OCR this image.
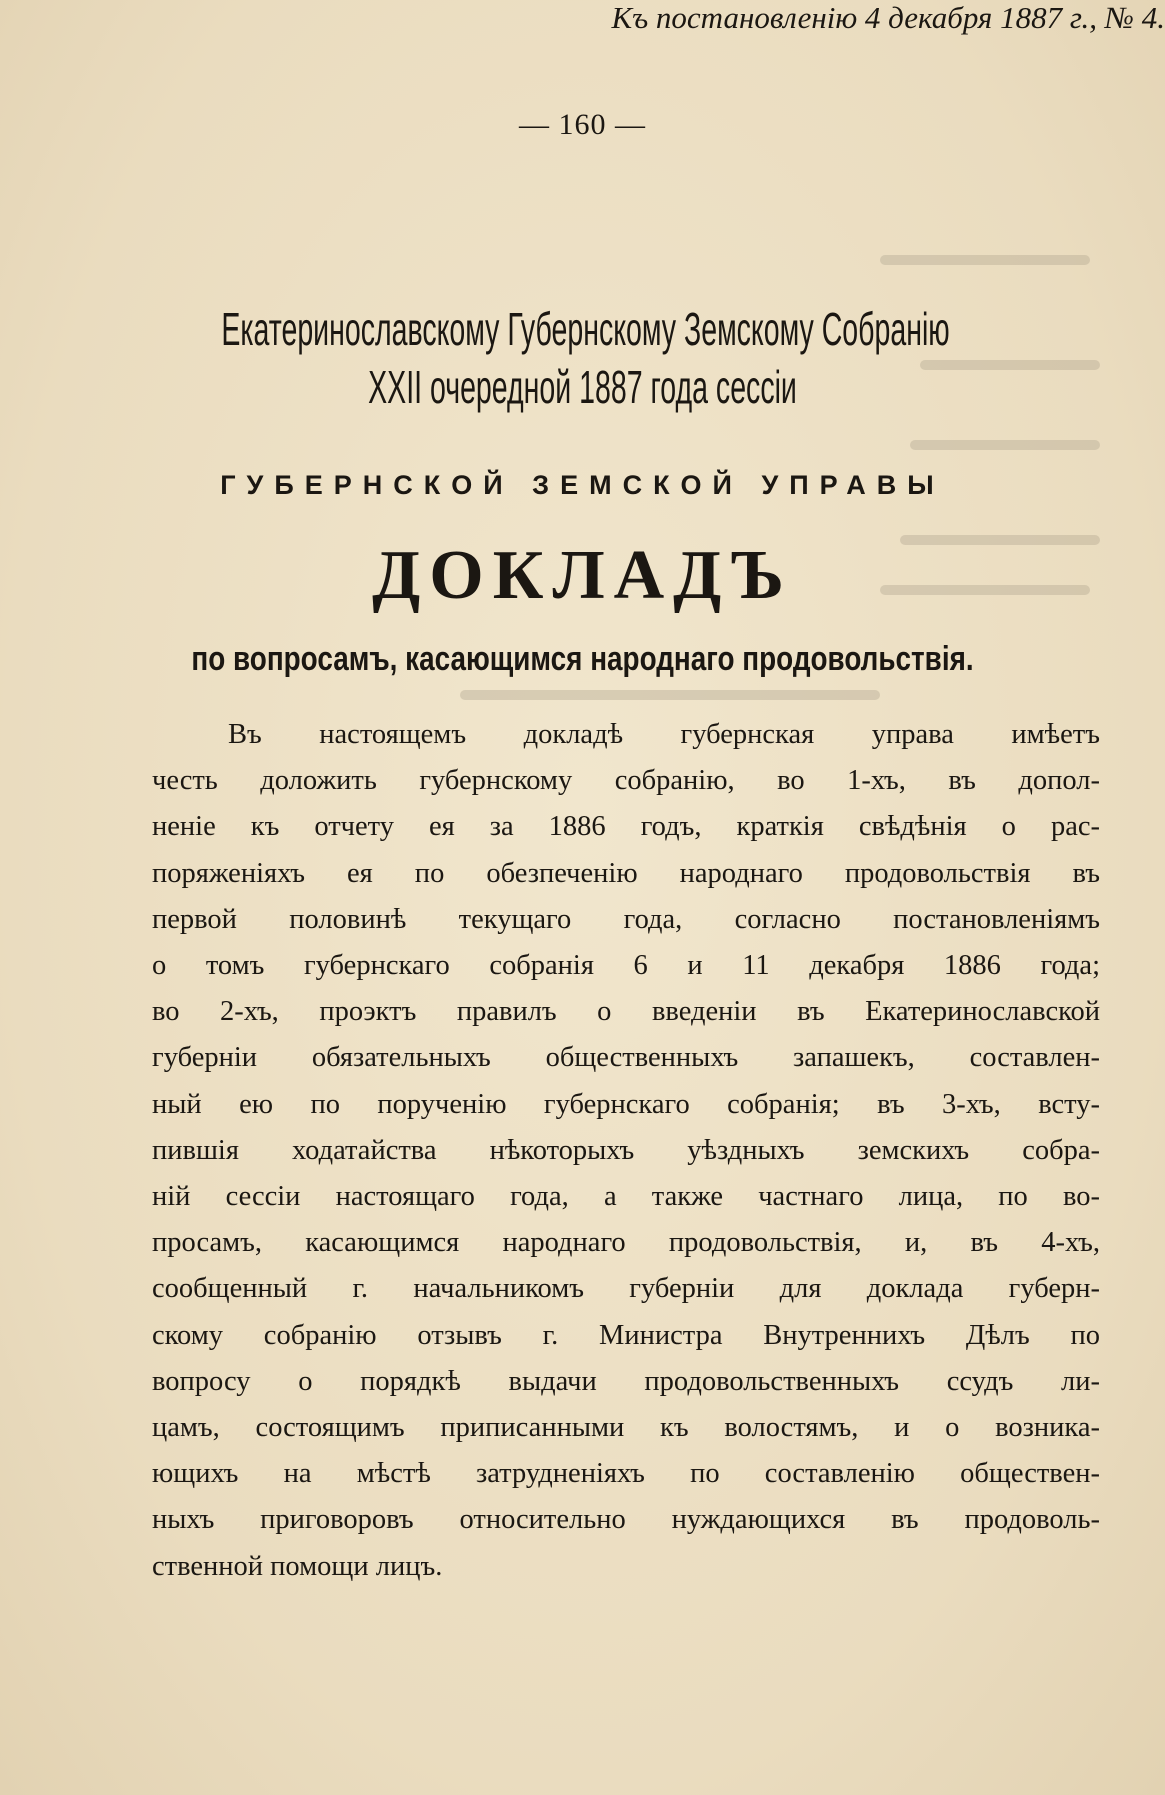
— 160 —
Къ постановленію 4 декабря 1887 г., № 4.
Екатеринославскому Губернскому Земскому Собранію
XXII очередной 1887 года сессіи
ГУБЕРНСКОЙ ЗЕМСКОЙ УПРАВЫ
ДОКЛАДЪ
по вопросамъ, касающимся народнаго продовольствія.
Въ настоящемъ докладѣ губернская управа имѣетъ
честь доложить губернскому собранію, во 1-хъ, въ допол-
неніе къ отчету ея за 1886 годъ, краткія свѣдѣнія о рас-
поряженіяхъ ея по обезпеченію народнаго продовольствія въ
первой половинѣ текущаго года, согласно постановленіямъ
о томъ губернскаго собранія 6 и 11 декабря 1886 года;
во 2-хъ, проэктъ правилъ о введеніи въ Екатеринославской
губерніи обязательныхъ общественныхъ запашекъ, составлен-
ный ею по порученію губернскаго собранія; въ 3-хъ, всту-
пившія ходатайства нѣкоторыхъ уѣздныхъ земскихъ собра-
ній сессіи настоящаго года, а также частнаго лица, по во-
просамъ, касающимся народнаго продовольствія, и, въ 4-хъ,
сообщенный г. начальникомъ губерніи для доклада губерн-
скому собранію отзывъ г. Министра Внутреннихъ Дѣлъ по
вопросу о порядкѣ выдачи продовольственныхъ ссудъ ли-
цамъ, состоящимъ приписанными къ волостямъ, и о возника-
ющихъ на мѣстѣ затрудненіяхъ по составленію обществен-
ныхъ приговоровъ относительно нуждающихся въ продоволь-
ственной помощи лицъ.
